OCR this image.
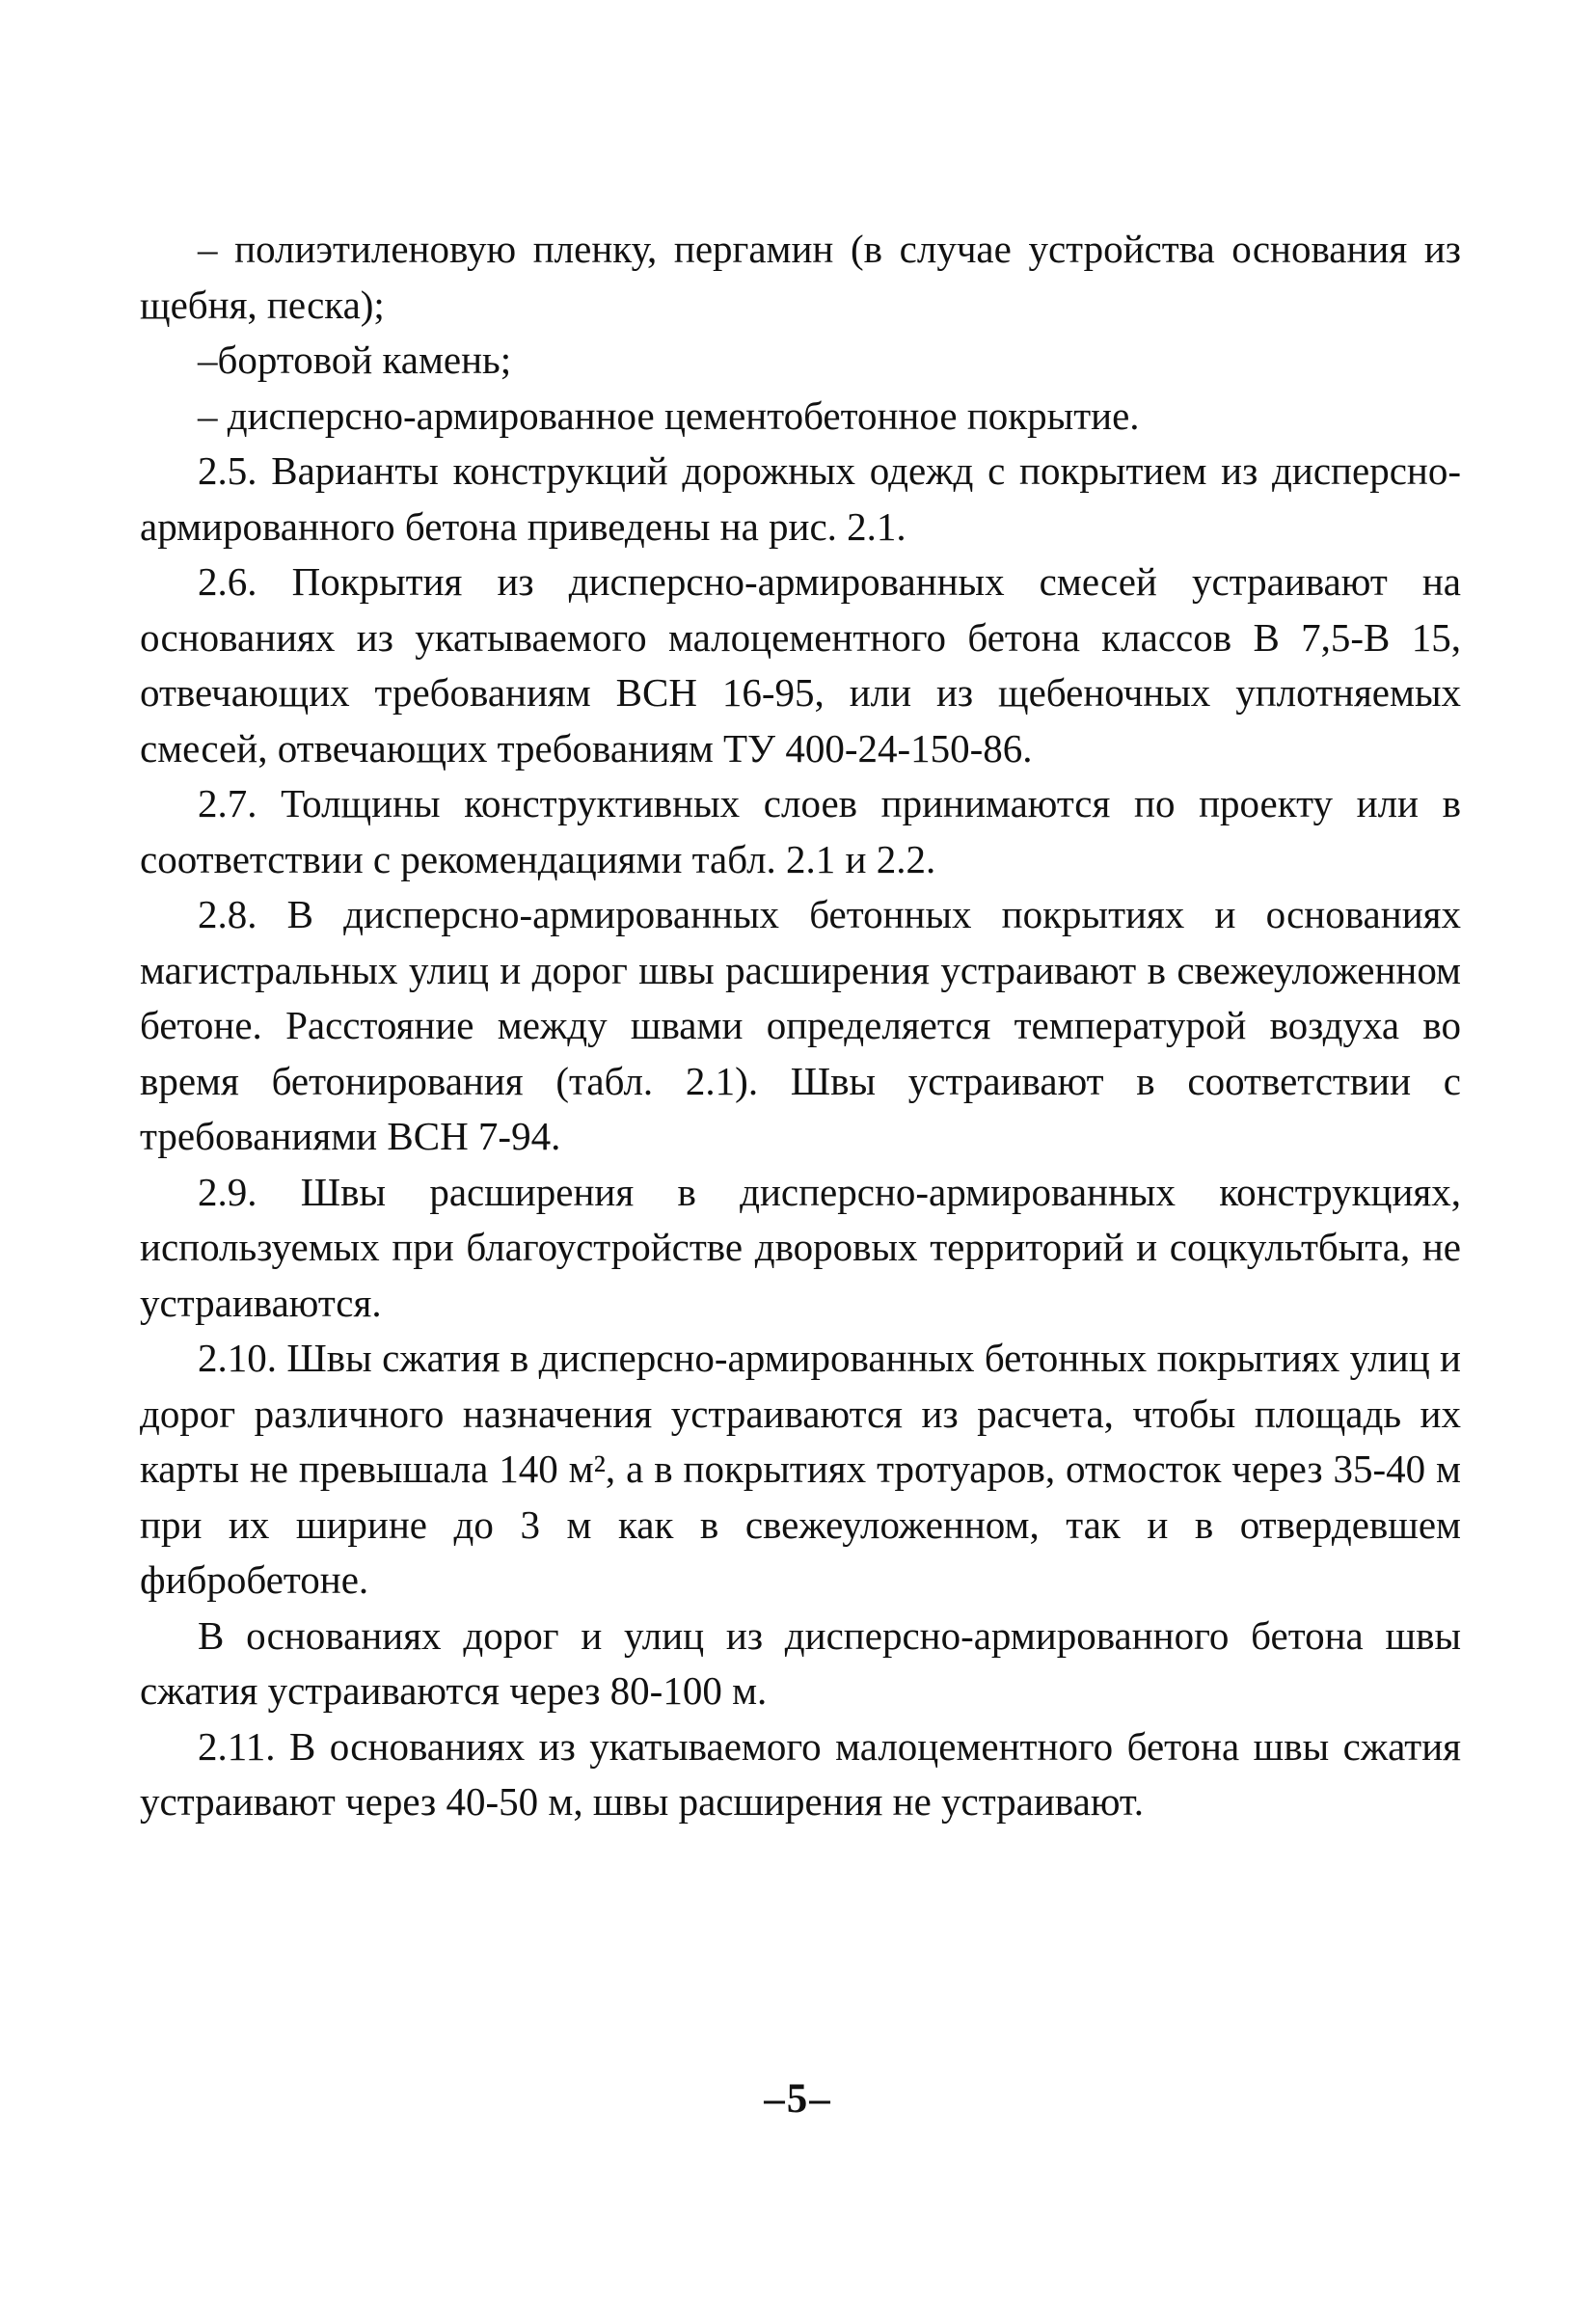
– полиэтиленовую пленку, пергамин (в случае устройства основания из щебня, песка);

–бортовой камень;

– дисперсно-армированное цементобетонное покрытие.

2.5. Варианты конструкций дорожных одежд с покрытием из дисперсно-армированного бетона приведены на рис. 2.1.

2.6. Покрытия из дисперсно-армированных смесей устраивают на основаниях из укатываемого малоцементного бетона классов В 7,5-В 15, отвечающих требованиям ВСН 16-95, или из щебеночных уплотняемых смесей, отвечающих требованиям ТУ 400-24-150-86.

2.7. Толщины конструктивных слоев принимаются по проекту или в соответствии с рекомендациями табл. 2.1 и 2.2.

2.8. В дисперсно-армированных бетонных покрытиях и основаниях магистральных улиц и дорог швы расширения устраивают в свежеуложенном бетоне. Расстояние между швами определяется температурой воздуха во время бетонирования (табл. 2.1). Швы устраивают в соответствии с требованиями ВСН 7-94.

2.9. Швы расширения в дисперсно-армированных конструкциях, используемых при благоустройстве дворовых территорий и соцкультбыта, не устраиваются.

2.10. Швы сжатия в дисперсно-армированных бетонных покрытиях улиц и дорог различного назначения устраиваются из расчета, чтобы площадь их карты не превышала 140 м², а в покрытиях тротуаров, отмосток через 35-40 м при их ширине до 3 м как в свежеуложенном, так и в отвердевшем фибробетоне.

В основаниях дорог и улиц из дисперсно-армированного бетона швы сжатия устраиваются через 80-100 м.

2.11. В основаниях из укатываемого малоцементного бетона швы сжатия устраивают через 40-50 м, швы расширения не устраивают.

–5–
